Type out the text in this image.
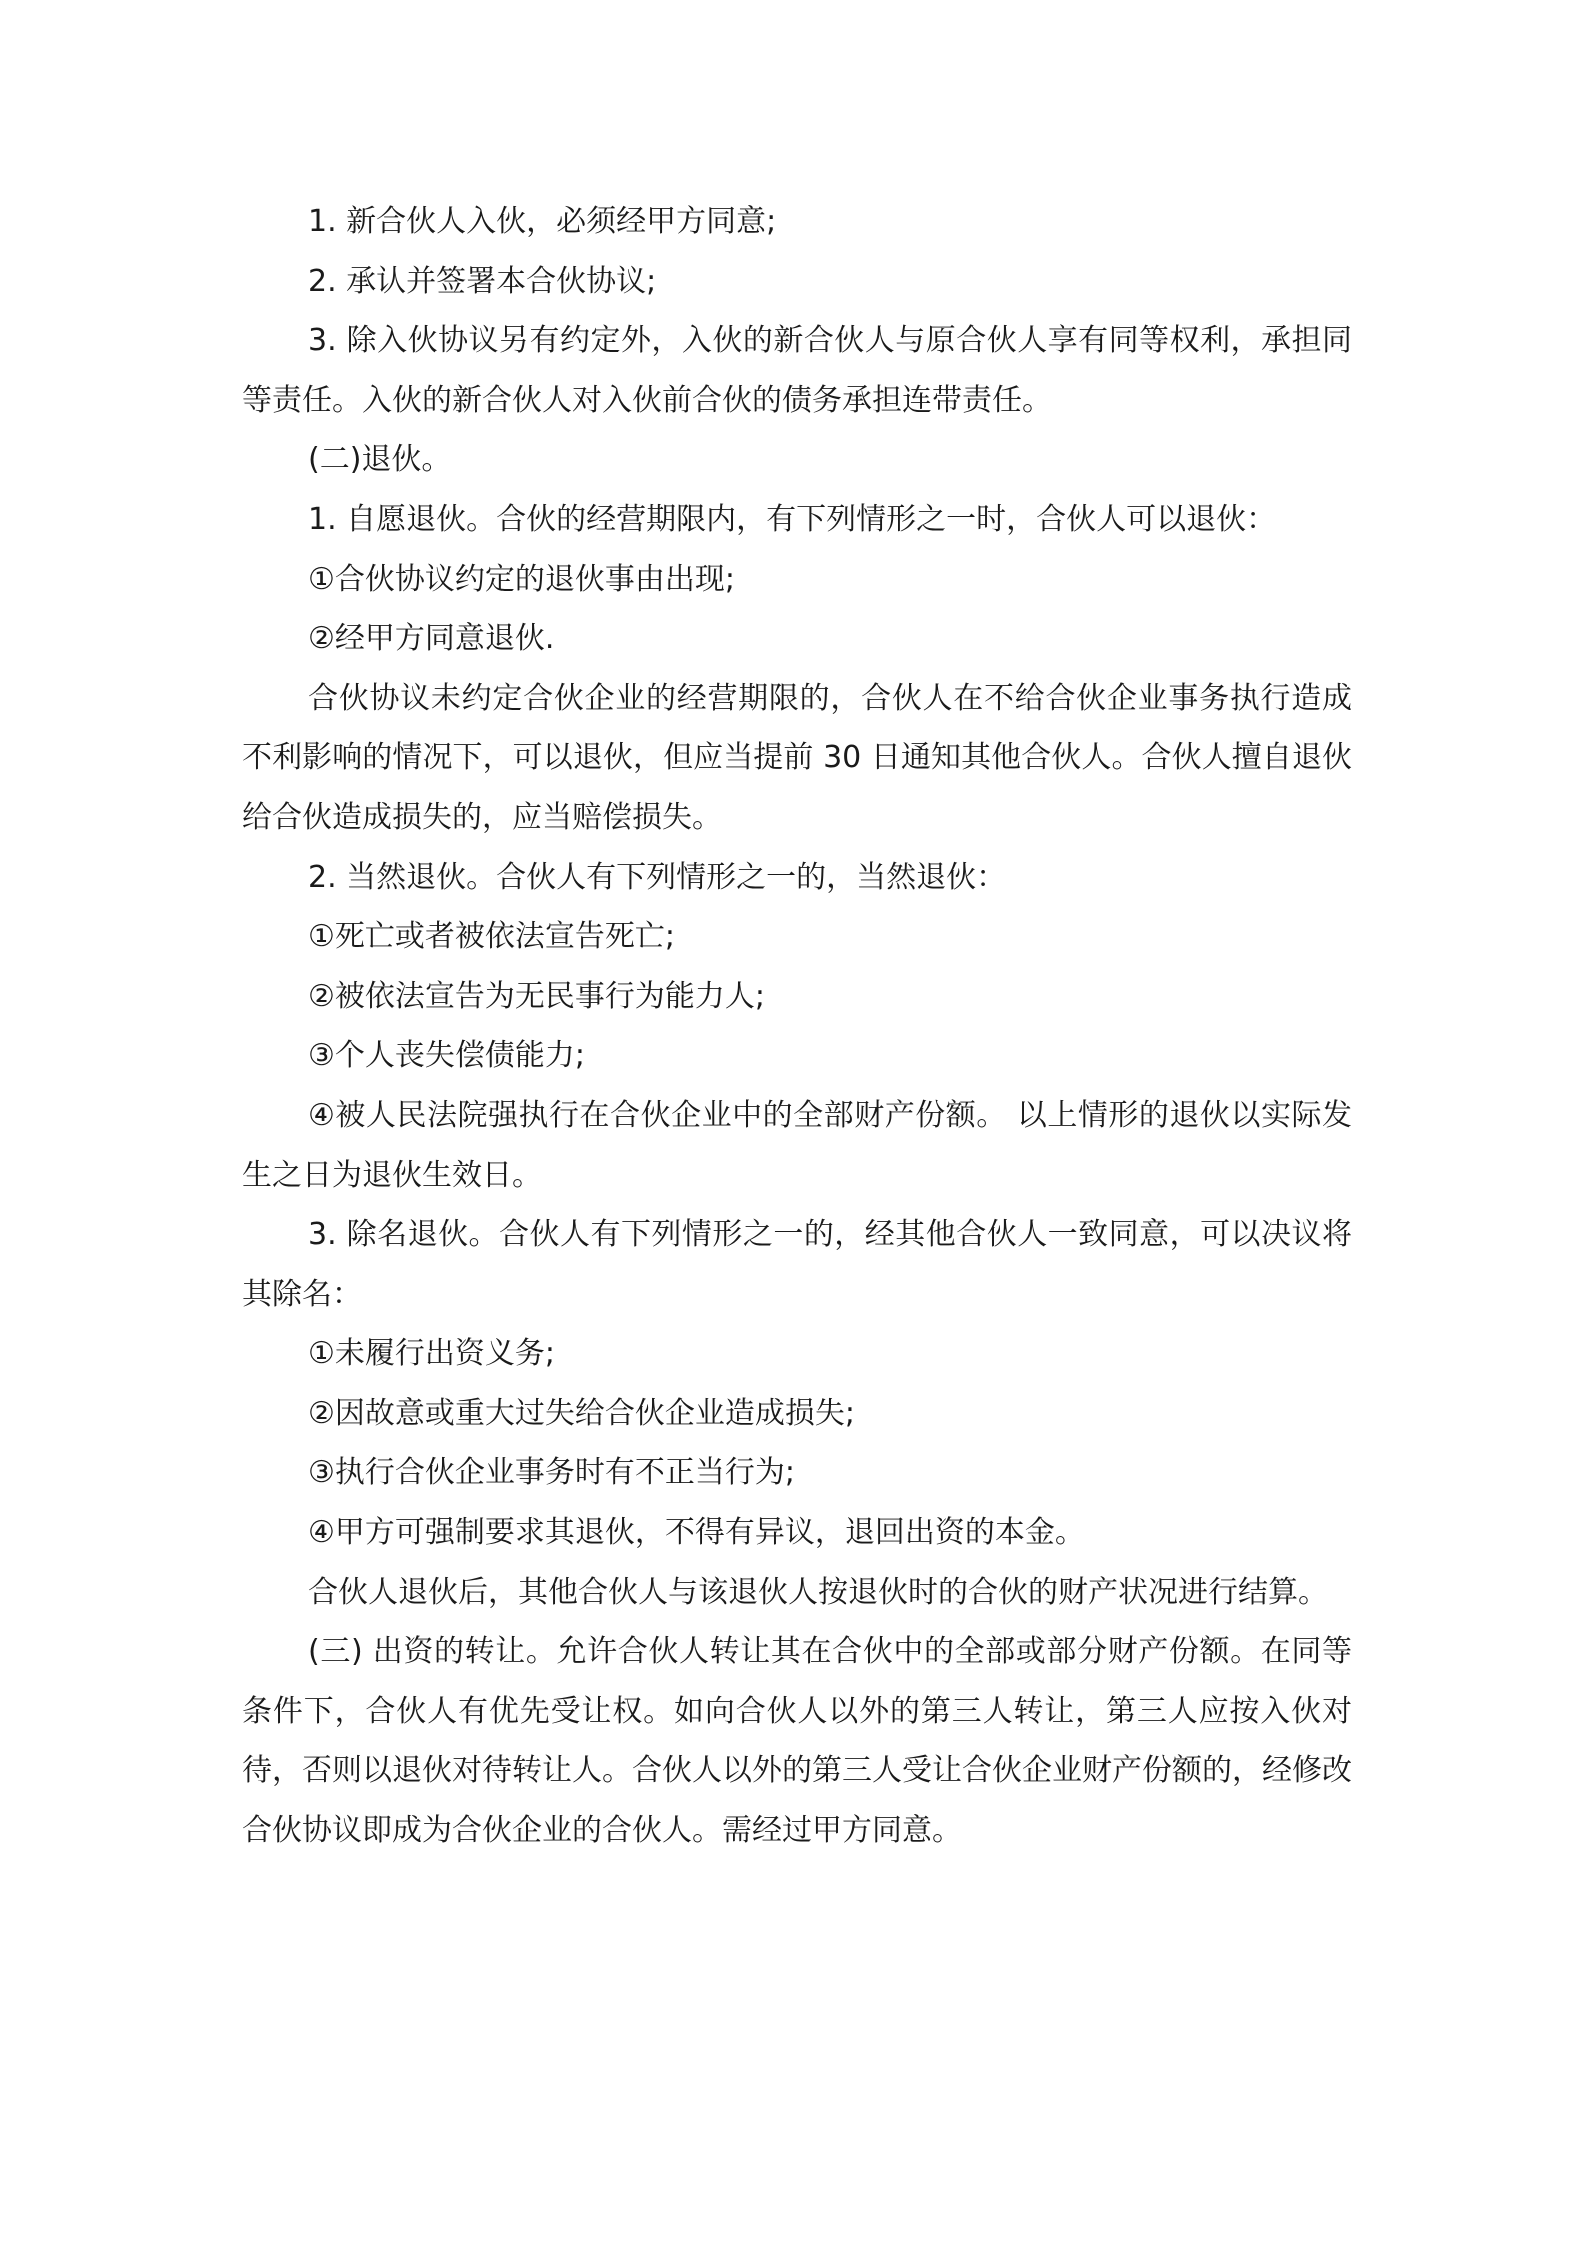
1. 新合伙人入伙，必须经甲方同意;

2. 承认并签署本合伙协议;

3. 除入伙协议另有约定外，入伙的新合伙人与原合伙人享有同等权利，承担同等责任。入伙的新合伙人对入伙前合伙的债务承担连带责任。

(二)退伙。

1. 自愿退伙。合伙的经营期限内，有下列情形之一时，合伙人可以退伙：

①合伙协议约定的退伙事由出现;

②经甲方同意退伙.

合伙协议未约定合伙企业的经营期限的，合伙人在不给合伙企业事务执行造成不利影响的情况下，可以退伙，但应当提前 30 日通知其他合伙人。合伙人擅自退伙给合伙造成损失的，应当赔偿损失。

2. 当然退伙。合伙人有下列情形之一的，当然退伙：

①死亡或者被依法宣告死亡;

②被依法宣告为无民事行为能力人;

③个人丧失偿债能力;

④被人民法院强执行在合伙企业中的全部财产份额。 以上情形的退伙以实际发生之日为退伙生效日。

3. 除名退伙。合伙人有下列情形之一的，经其他合伙人一致同意，可以决议将其除名：

①未履行出资义务;

②因故意或重大过失给合伙企业造成损失;

③执行合伙企业事务时有不正当行为;

④甲方可强制要求其退伙，不得有异议，退回出资的本金。

合伙人退伙后，其他合伙人与该退伙人按退伙时的合伙的财产状况进行结算。

(三) 出资的转让。允许合伙人转让其在合伙中的全部或部分财产份额。在同等条件下，合伙人有优先受让权。如向合伙人以外的第三人转让，第三人应按入伙对待，否则以退伙对待转让人。合伙人以外的第三人受让合伙企业财产份额的，经修改合伙协议即成为合伙企业的合伙人。需经过甲方同意。
